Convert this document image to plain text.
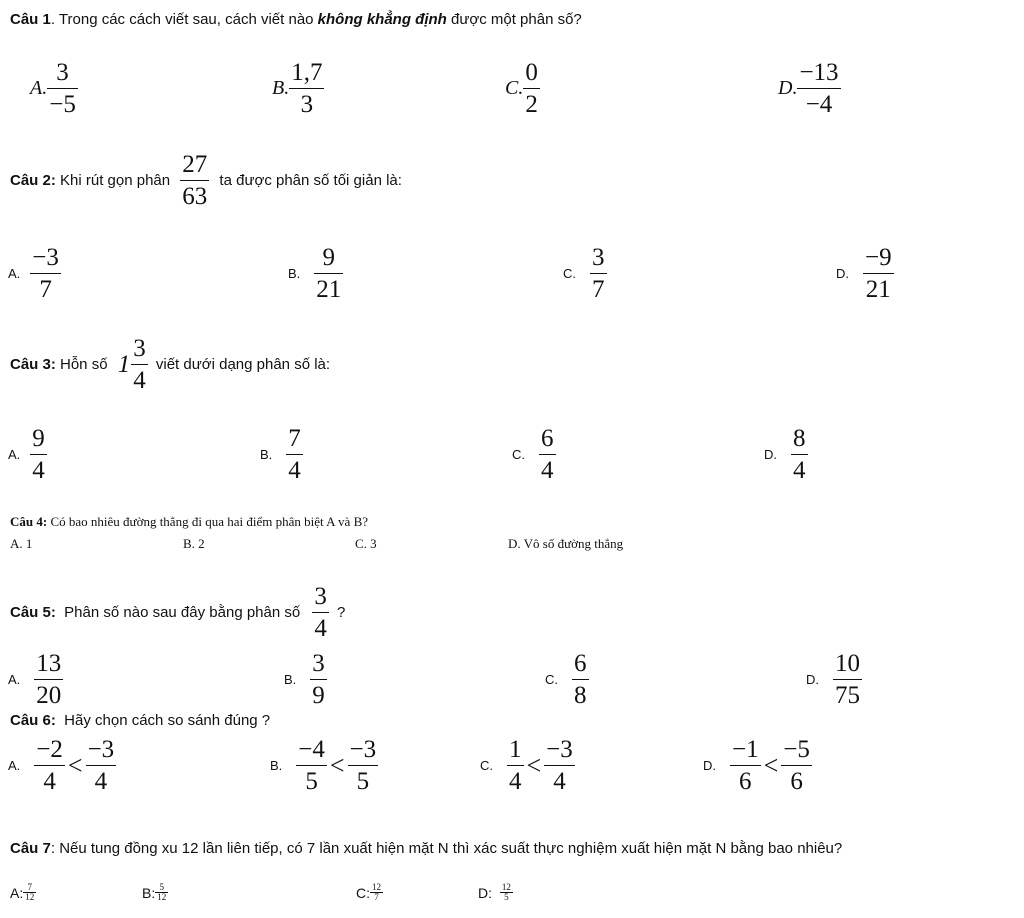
Câu 1. Trong các cách viết sau, cách viết nào không khẳng định được một phân số?
A. $\frac{3}{-5}$	B. $\frac{1,7}{3}$	C. $\frac{0}{2}$	D. $\frac{-13}{-4}$
Câu 2: Khi rút gọn phân $\frac{27}{63}$ ta được phân số tối giản là:
A. $\frac{-3}{7}$	B. $\frac{9}{21}$	C. $\frac{3}{7}$	D. $\frac{-9}{21}$
Câu 3: Hỗn số $1 \frac{3}{4}$ viết dưới dạng phân số là:
A. $\frac{9}{4}$	B. $\frac{7}{4}$	C. $\frac{6}{4}$	D. $\frac{8}{4}$
Câu 4: Có bao nhiêu đường thẳng đi qua hai điểm phân biệt A và B?
A. 1	B. 2	C. 3	D. Vô số đường thẳng
Câu 5: Phân số nào sau đây bằng phân số $\frac{3}{4}$ ?
A. $\frac{13}{20}$	B. $\frac{3}{9}$	C. $\frac{6}{8}$	D. $\frac{10}{75}$
Câu 6:  Hãy chọn cách so sánh đúng ?
A. $\frac{-2}{4} < \frac{-3}{4}$	B. $\frac{-4}{5} < \frac{-3}{5}$	C. $\frac{1}{4} < \frac{-3}{4}$	D. $\frac{-1}{6} < \frac{-5}{6}$
Câu 7: Nếu tung đồng xu 12 lần liên tiếp, có 7 lần xuất hiện mặt N thì xác suất thực nghiệm xuất hiện mặt N bằng bao nhiêu?
A: $\frac{7}{12}$	B: $\frac{5}{12}$	C: $\frac{12}{7}$	D: $\frac{12}{5}$
